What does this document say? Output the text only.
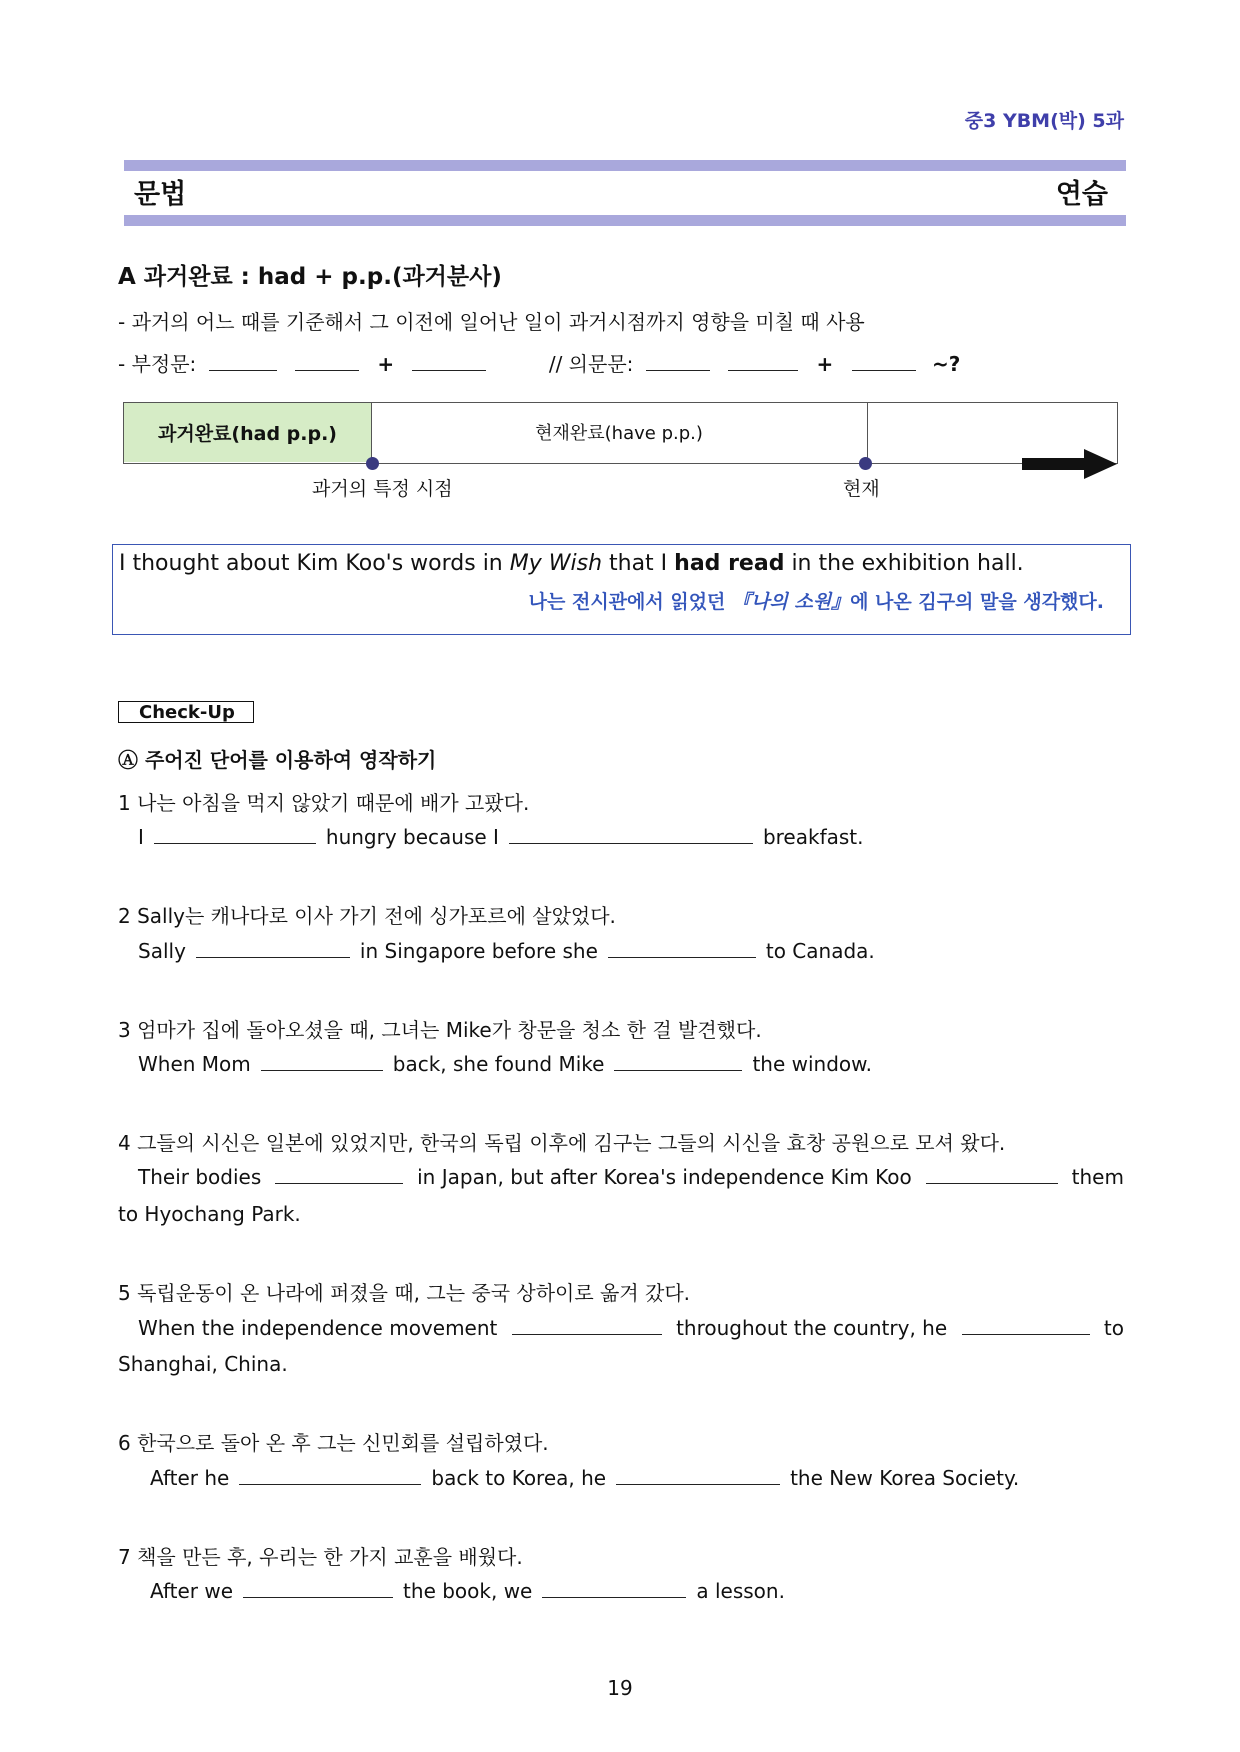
중3 YBM(박) 5과
문법	연습
A 과거완료 : had + p.p.(과거분사)
- 과거의 어느 때를 기준해서 그 이전에 일어난 일이 과거시점까지 영향을 미칠 때 사용
- 부정문:	+	// 의문문:	+	~?
과거완료(had p.p.)	현재완료(have p.p.)
과거의 특정 시점	현재
I thought about Kim Koo's words in My Wish that I had read in the exhibition hall.
나는 전시관에서 읽었던 『나의 소원』에 나온 김구의 말을 생각했다.
Check-Up
Ⓐ 주어진 단어를 이용하여 영작하기
1 나는 아침을 먹지 않았기 때문에 배가 고팠다.
I	hungry because I	breakfast.
2 Sally는 캐나다로 이사 가기 전에 싱가포르에 살았었다.
Sally	in Singapore before she	to Canada.
3 엄마가 집에 돌아오셨을 때, 그녀는 Mike가 창문을 청소 한 걸 발견했다.
When Mom	back, she found Mike	the window.
4 그들의 시신은 일본에 있었지만, 한국의 독립 이후에 김구는 그들의 시신을 효창 공원으로 모셔 왔다.
Their bodies	in Japan, but after Korea's independence Kim Koo	them
to Hyochang Park.
5 독립운동이 온 나라에 퍼졌을 때, 그는 중국 상하이로 옮겨 갔다.
When the independence movement	throughout the country, he	to
Shanghai, China.
6 한국으로 돌아 온 후 그는 신민회를 설립하였다.
After he	back to Korea, he	the New Korea Society.
7 책을 만든 후, 우리는 한 가지 교훈을 배웠다.
After we	the book, we	a lesson.
19
